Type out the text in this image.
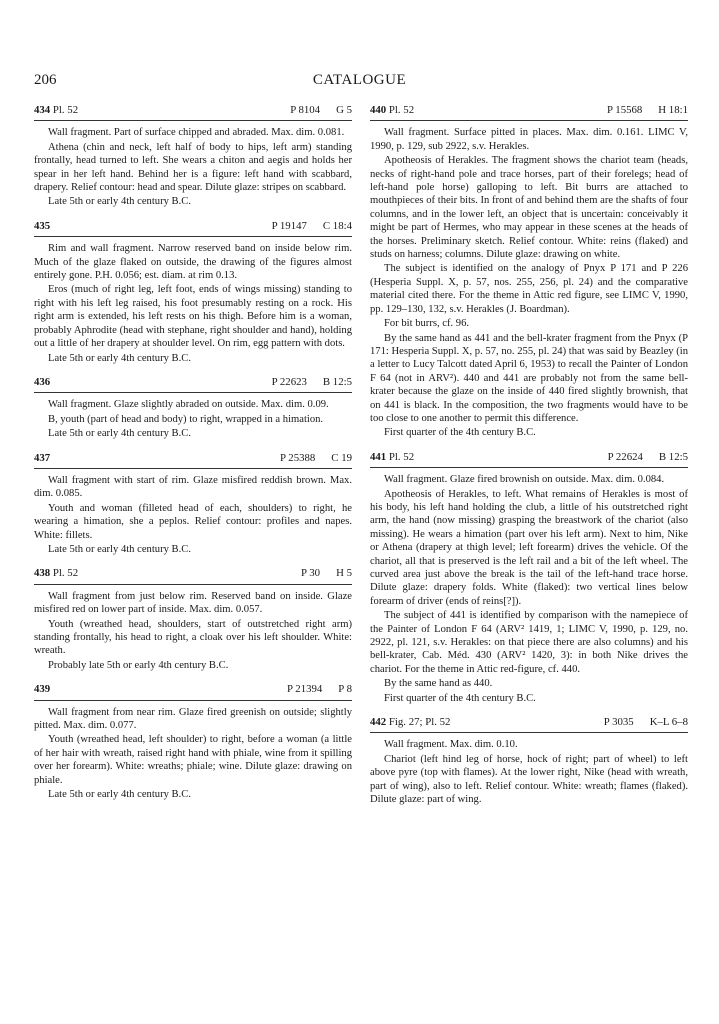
206	CATALOGUE
434 Pl. 52	P 8104 G 5

Wall fragment. Part of surface chipped and abraded. Max. dim. 0.081.

Athena (chin and neck, left half of body to hips, left arm) standing frontally, head turned to left. She wears a chiton and aegis and holds her spear in her left hand. Behind her is a figure: left hand with scabbard, drapery. Relief contour: head and spear. Dilute glaze: stripes on scabbard.

Late 5th or early 4th century B.C.

435	P 19147 C 18:4

Rim and wall fragment. Narrow reserved band on inside below rim. Much of the glaze flaked on outside, the drawing of the figures almost entirely gone. P.H. 0.056; est. diam. at rim 0.13.

Eros (much of right leg, left foot, ends of wings missing) standing to right with his left leg raised, his foot presumably resting on a rock. His right arm is extended, his left rests on his thigh. Before him is a woman, probably Aphrodite (head with stephane, right shoulder and hand), holding out a little of her drapery at shoulder level. On rim, egg pattern with dots.

Late 5th or early 4th century B.C.

436	P 22623 B 12:5

Wall fragment. Glaze slightly abraded on outside. Max. dim. 0.09.

B, youth (part of head and body) to right, wrapped in a himation.

Late 5th or early 4th century B.C.

437	P 25388 C 19

Wall fragment with start of rim. Glaze misfired reddish brown. Max. dim. 0.085.

Youth and woman (filleted head of each, shoulders) to right, he wearing a himation, she a peplos. Relief contour: profiles and napes. White: fillets.

Late 5th or early 4th century B.C.

438 Pl. 52	P 30 H 5

Wall fragment from just below rim. Reserved band on inside. Glaze misfired red on lower part of inside. Max. dim. 0.057.

Youth (wreathed head, shoulders, start of outstretched right arm) standing frontally, his head to right, a cloak over his left shoulder. White: wreath.

Probably late 5th or early 4th century B.C.

439	P 21394 P 8

Wall fragment from near rim. Glaze fired greenish on outside; slightly pitted. Max. dim. 0.077.

Youth (wreathed head, left shoulder) to right, before a woman (a little of her hair with wreath, raised right hand with phiale, wine from it spilling over her forearm). White: wreaths; phiale; wine. Dilute glaze: drawing on phiale.

Late 5th or early 4th century B.C.

440 Pl. 52	P 15568 H 18:1

Wall fragment. Surface pitted in places. Max. dim. 0.161. LIMC V, 1990, p. 129, sub 2922, s.v. Herakles.

Apotheosis of Herakles. The fragment shows the chariot team (heads, necks of right-hand pole and trace horses, part of their forelegs; head of left-hand pole horse) galloping to left. Bit burrs are attached to mouthpieces of their bits. In front of and behind them are the shafts of four columns, and in the lower left, an object that is uncertain: conceivably it might be part of Hermes, who may appear in these scenes at the heads of the horses. Preliminary sketch. Relief contour. White: reins (flaked) and studs on harness; columns. Dilute glaze: drawing on white.

The subject is identified on the analogy of Pnyx P 171 and P 226 (Hesperia Suppl. X, p. 57, nos. 255, 256, pl. 24) and the comparative material cited there. For the theme in Attic red figure, see LIMC V, 1990, pp. 129–130, 132, s.v. Herakles (J. Boardman).

For bit burrs, cf. 96.

By the same hand as 441 and the bell-krater fragment from the Pnyx (P 171: Hesperia Suppl. X, p. 57, no. 255, pl. 24) that was said by Beazley (in a letter to Lucy Talcott dated April 6, 1953) to recall the Painter of London F 64 (not in ARV²). 440 and 441 are probably not from the same bell-krater because the glaze on the inside of 440 fired slightly brownish, that on 441 is black. In the composition, the two fragments would have to be too close to one another to permit this difference.

First quarter of the 4th century B.C.

441 Pl. 52	P 22624 B 12:5

Wall fragment. Glaze fired brownish on outside. Max. dim. 0.084.

Apotheosis of Herakles, to left. What remains of Herakles is most of his body, his left hand holding the club, a little of his outstretched right arm, the hand (now missing) grasping the breastwork of the chariot (also missing). He wears a himation (part over his left arm). Next to him, Nike or Athena (drapery at thigh level; left forearm) drives the vehicle. Of the chariot, all that is preserved is the left rail and a bit of the left wheel. The curved area just above the break is the tail of the left-hand trace horse. Dilute glaze: drapery folds. White (flaked): two vertical lines below forearm of driver (ends of reins[?]).

The subject of 441 is identified by comparison with the namepiece of the Painter of London F 64 (ARV² 1419, 1; LIMC V, 1990, p. 129, no. 2922, pl. 121, s.v. Herakles: on that piece there are also columns) and his bell-krater, Cab. Méd. 430 (ARV² 1420, 3): in both Nike drives the chariot. For the theme in Attic red-figure, cf. 440.

By the same hand as 440.

First quarter of the 4th century B.C.

442 Fig. 27; Pl. 52	P 3035 K–L 6–8

Wall fragment. Max. dim. 0.10.

Chariot (left hind leg of horse, hock of right; part of wheel) to left above pyre (top with flames). At the lower right, Nike (head with wreath, part of wing), also to left. Relief contour. White: wreath; flames (flaked). Dilute glaze: part of wing.
